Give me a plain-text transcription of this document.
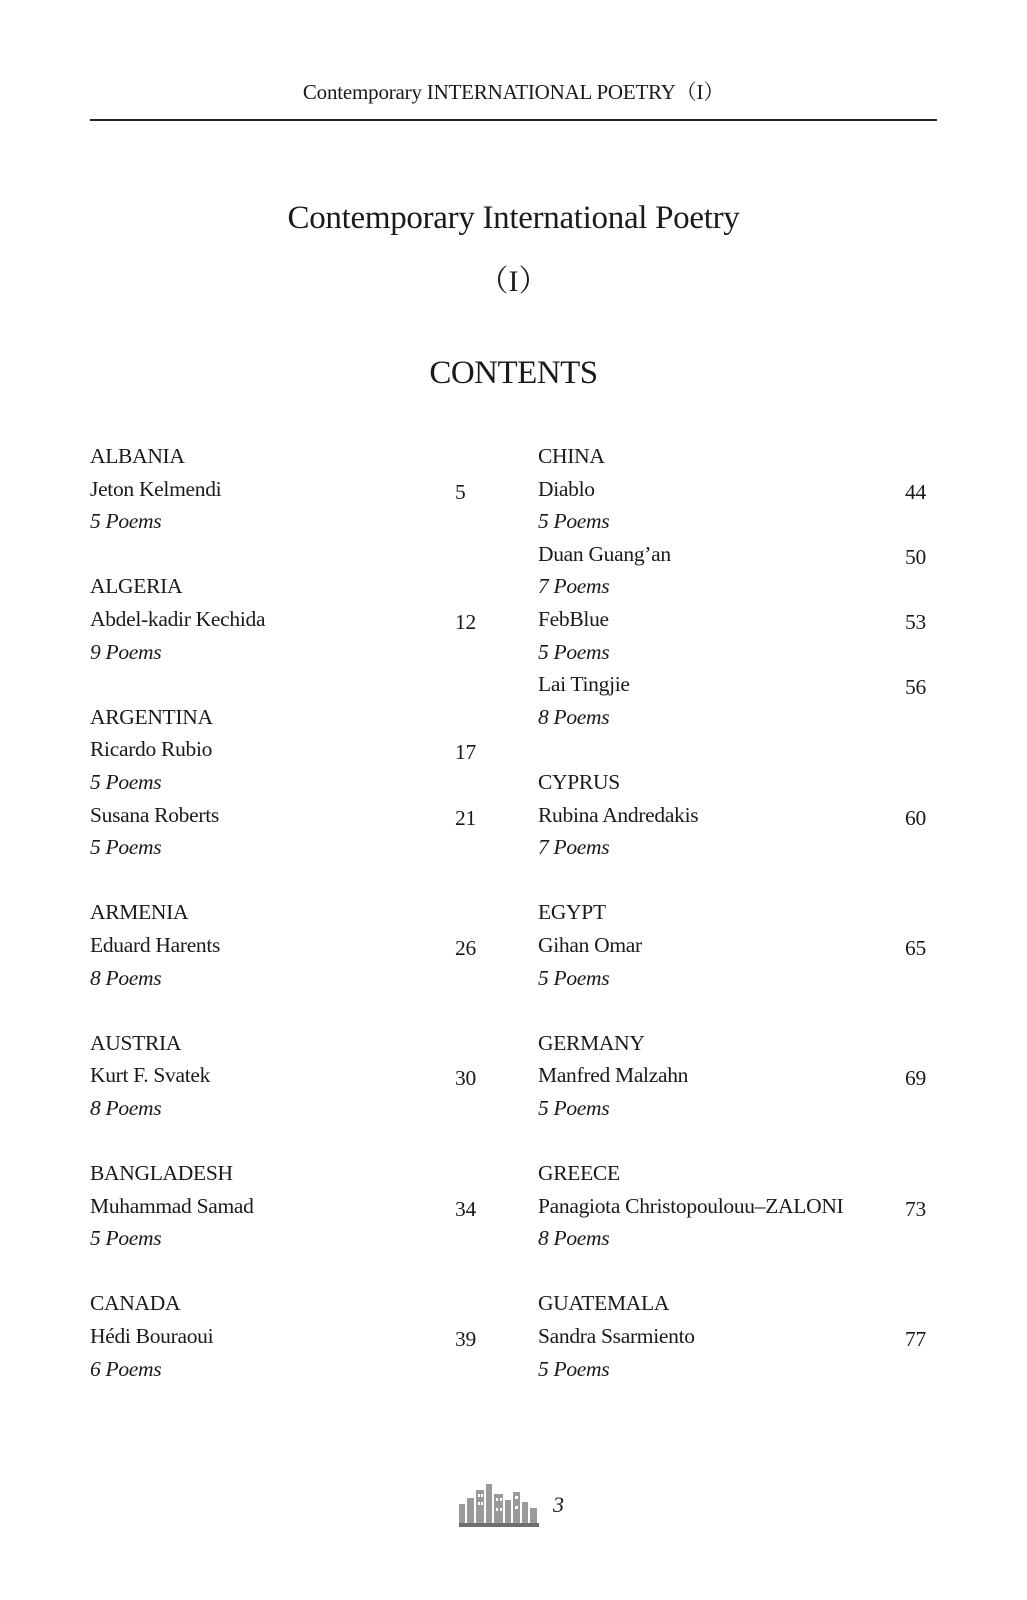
Contemporary INTERNATIONAL POETRY（I）
Contemporary International Poetry
（I）
CONTENTS
ALBANIA
Jeton Kelmendi	5
5 Poems
ALGERIA
Abdel-kadir Kechida	12
9 Poems
ARGENTINA
Ricardo Rubio	17
5 Poems
Susana Roberts	21
5 Poems
ARMENIA
Eduard Harents	26
8 Poems
AUSTRIA
Kurt F. Svatek	30
8 Poems
BANGLADESH
Muhammad Samad	34
5 Poems
CANADA
Hédi Bouraoui	39
6 Poems
CHINA
Diablo	44
5 Poems
Duan Guang’an	50
7 Poems
FebBlue	53
5 Poems
Lai Tingjie	56
8 Poems
CYPRUS
Rubina Andredakis	60
7 Poems
EGYPT
Gihan Omar	65
5 Poems
GERMANY
Manfred Malzahn	69
5 Poems
GREECE
Panagiota Christopoulouu–ZALONI	73
8 Poems
GUATEMALA
Sandra Ssarmiento	77
5 Poems
3
